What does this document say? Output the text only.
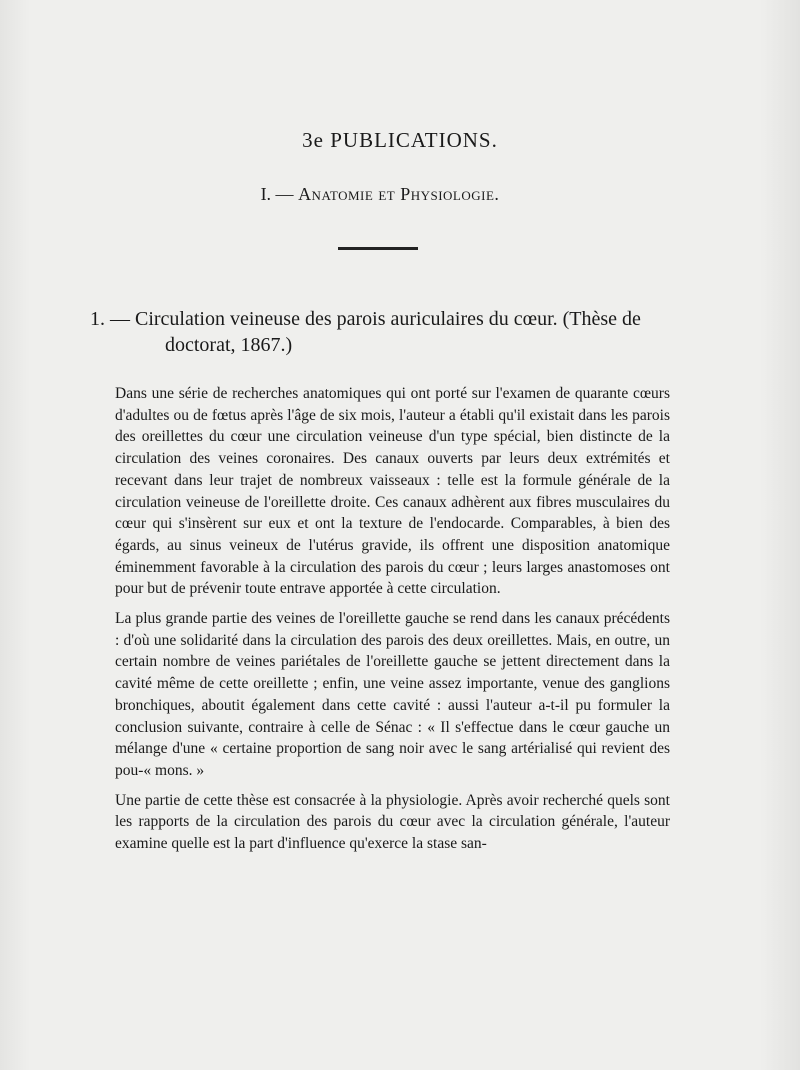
3e PUBLICATIONS.
I. — Anatomie et Physiologie.
1. — Circulation veineuse des parois auriculaires du cœur. (Thèse de
doctorat, 1867.)

Dans une série de recherches anatomiques qui ont porté sur l'examen de quarante cœurs d'adultes ou de fœtus après l'âge de six mois, l'auteur a établi qu'il existait dans les parois des oreillettes du cœur une circulation veineuse d'un type spécial, bien distincte de la circulation des veines coronaires. Des canaux ouverts par leurs deux extrémités et recevant dans leur trajet de nombreux vaisseaux : telle est la formule générale de la circulation veineuse de l'oreillette droite. Ces canaux adhèrent aux fibres musculaires du cœur qui s'insèrent sur eux et ont la texture de l'endocarde. Comparables, à bien des égards, au sinus veineux de l'utérus gravide, ils offrent une disposition anatomique éminemment favorable à la circulation des parois du cœur ; leurs larges anastomoses ont pour but de prévenir toute entrave apportée à cette circulation.

La plus grande partie des veines de l'oreillette gauche se rend dans les canaux précédents : d'où une solidarité dans la circulation des parois des deux oreillettes. Mais, en outre, un certain nombre de veines pariétales de l'oreillette gauche se jettent directement dans la cavité même de cette oreillette ; enfin, une veine assez importante, venue des ganglions bronchiques, aboutit également dans cette cavité : aussi l'auteur a-t-il pu formuler la conclusion suivante, contraire à celle de Sénac : « Il s'effectue dans le cœur gauche un mélange d'une « certaine proportion de sang noir avec le sang artérialisé qui revient des pou-« mons. »

Une partie de cette thèse est consacrée à la physiologie. Après avoir recherché quels sont les rapports de la circulation des parois du cœur avec la circulation générale, l'auteur examine quelle est la part d'influence qu'exerce la stase san-
